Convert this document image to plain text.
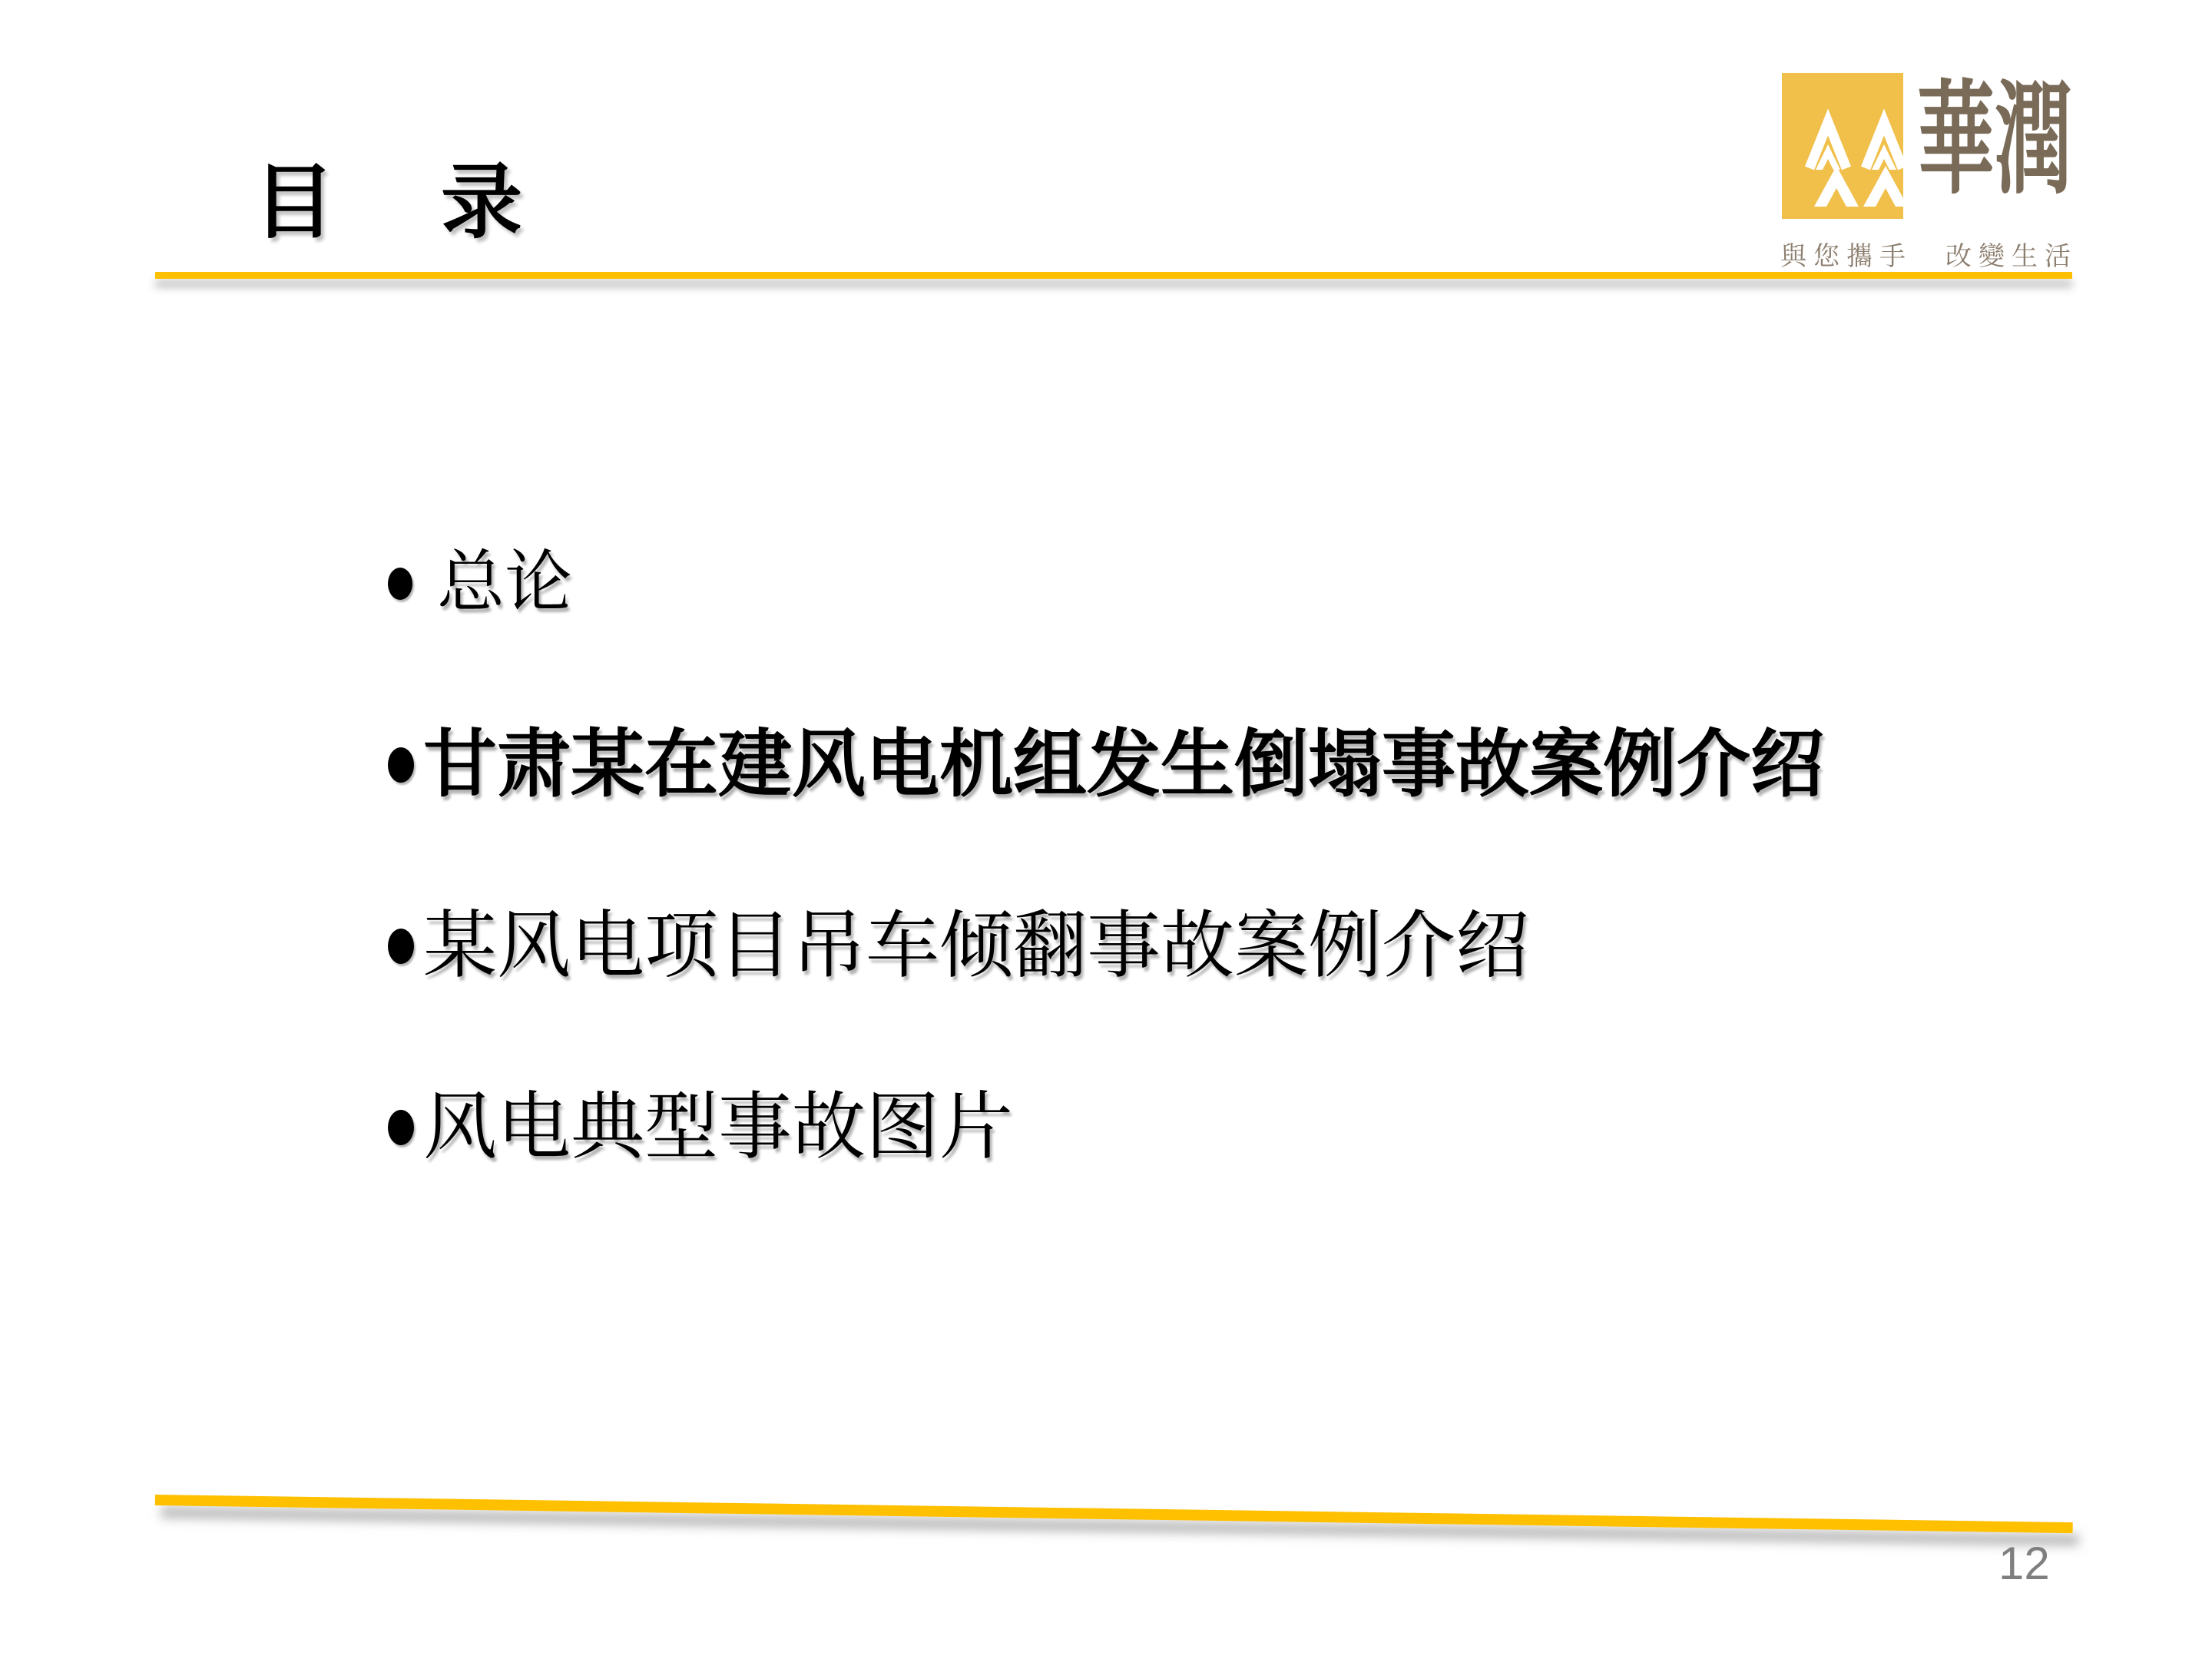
目　录	華潤
與您攜手　改變生活
总论
甘肃某在建风电机组发生倒塌事故案例介绍
某风电项目吊车倾翻事故案例介绍
风电典型事故图片
12
